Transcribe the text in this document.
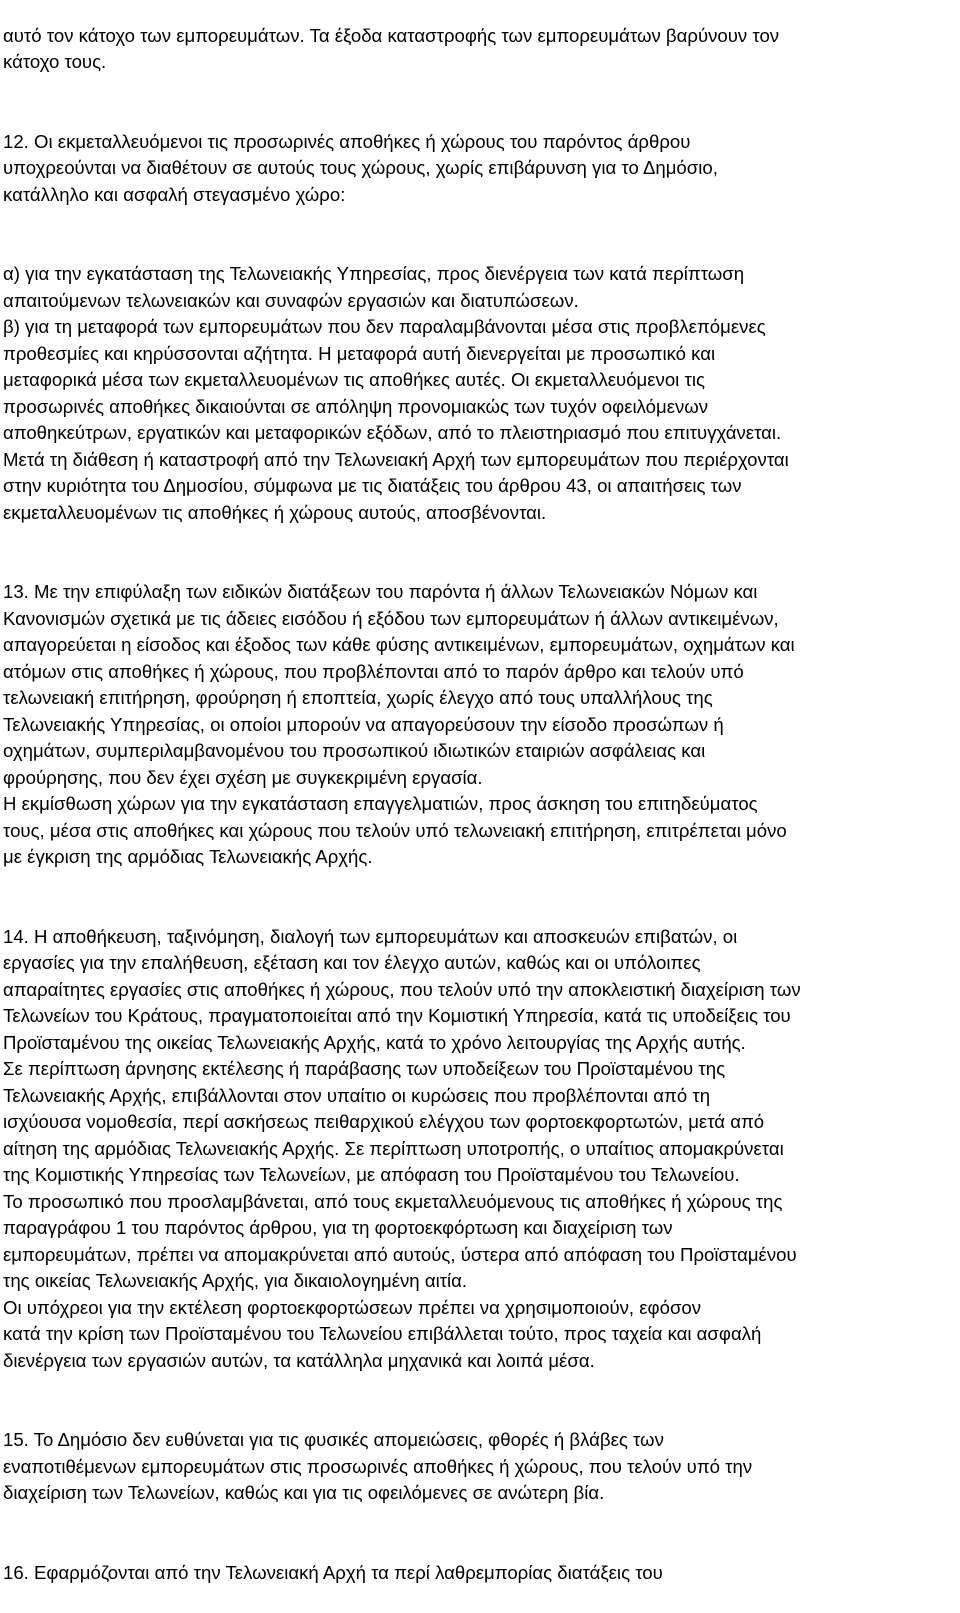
αυτό τον κάτοχο των εμπορευμάτων. Τα έξοδα καταστροφής των εμπορευμάτων βαρύνουν τον
κάτοχο τους.

12. Οι εκμεταλλευόμενοι τις προσωρινές αποθήκες ή χώρους του παρόντος άρθρου
υποχρεούνται να διαθέτουν σε αυτούς τους χώρους, χωρίς επιβάρυνση για το Δημόσιο,
κατάλληλο και ασφαλή στεγασμένο χώρο:

α) για την εγκατάσταση της Τελωνειακής Υπηρεσίας, προς διενέργεια των κατά περίπτωση
απαιτούμενων τελωνειακών και συναφών εργασιών και διατυπώσεων.
β) για τη μεταφορά των εμπορευμάτων που δεν παραλαμβάνονται μέσα στις προβλεπόμενες
προθεσμίες και κηρύσσονται αζήτητα. Η μεταφορά αυτή διενεργείται με προσωπικό και
μεταφορικά μέσα των εκμεταλλευομένων τις αποθήκες αυτές. Οι εκμεταλλευόμενοι τις
προσωρινές αποθήκες δικαιούνται σε απόληψη προνομιακώς των τυχόν οφειλόμενων
αποθηκεύτρων, εργατικών και μεταφορικών εξόδων, από το πλειστηριασμό που επιτυγχάνεται.
Μετά τη διάθεση ή καταστροφή από την Τελωνειακή Αρχή των εμπορευμάτων που περιέρχονται
στην κυριότητα του Δημοσίου, σύμφωνα με τις διατάξεις του άρθρου 43, οι απαιτήσεις των
εκμεταλλευομένων τις αποθήκες ή χώρους αυτούς, αποσβένονται.

13. Με την επιφύλαξη των ειδικών διατάξεων του παρόντα ή άλλων Τελωνειακών Νόμων και
Κανονισμών σχετικά με τις άδειες εισόδου ή εξόδου των εμπορευμάτων ή άλλων αντικειμένων,
απαγορεύεται η είσοδος και έξοδος των κάθε φύσης αντικειμένων, εμπορευμάτων, οχημάτων και
ατόμων στις αποθήκες ή χώρους, που προβλέπονται από το παρόν άρθρο και τελούν υπό
τελωνειακή επιτήρηση, φρούρηση ή εποπτεία, χωρίς έλεγχο από τους υπαλλήλους της
Τελωνειακής Υπηρεσίας, οι οποίοι μπορούν να απαγορεύσουν την είσοδο προσώπων ή
οχημάτων, συμπεριλαμβανομένου του προσωπικού ιδιωτικών εταιριών ασφάλειας και
φρούρησης, που δεν έχει σχέση με συγκεκριμένη εργασία.
Η εκμίσθωση χώρων για την εγκατάσταση επαγγελματιών, προς άσκηση του επιτηδεύματος
τους, μέσα στις αποθήκες και χώρους που τελούν υπό τελωνειακή επιτήρηση, επιτρέπεται μόνο
με έγκριση της αρμόδιας Τελωνειακής Αρχής.

14. Η αποθήκευση, ταξινόμηση, διαλογή των εμπορευμάτων και αποσκευών επιβατών, οι
εργασίες για την επαλήθευση, εξέταση και τον έλεγχο αυτών, καθώς και οι υπόλοιπες
απαραίτητες εργασίες στις αποθήκες ή χώρους, που τελούν υπό την αποκλειστική διαχείριση των
Τελωνείων του Κράτους, πραγματοποιείται από την Κομιστική Υπηρεσία, κατά τις υποδείξεις του
Προϊσταμένου της οικείας Τελωνειακής Αρχής, κατά το χρόνο λειτουργίας της Αρχής αυτής.
Σε περίπτωση άρνησης εκτέλεσης ή παράβασης των υποδείξεων του Προϊσταμένου της
Τελωνειακής Αρχής, επιβάλλονται στον υπαίτιο οι κυρώσεις που προβλέπονται από τη
ισχύουσα νομοθεσία, περί ασκήσεως πειθαρχικού ελέγχου των φορτοεκφορτωτών, μετά από
αίτηση της αρμόδιας Τελωνειακής Αρχής. Σε περίπτωση υποτροπής, ο υπαίτιος απομακρύνεται
της Κομιστικής Υπηρεσίας των Τελωνείων, με απόφαση του Προϊσταμένου του Τελωνείου.
Το προσωπικό που προσλαμβάνεται, από τους εκμεταλλευόμενους τις αποθήκες ή χώρους της
παραγράφου 1 του παρόντος άρθρου, για τη φορτοεκφόρτωση και διαχείριση των
εμπορευμάτων, πρέπει να απομακρύνεται από αυτούς, ύστερα από απόφαση του Προϊσταμένου
της οικείας Τελωνειακής Αρχής, για δικαιολογημένη αιτία.
Οι υπόχρεοι για την εκτέλεση φορτοεκφορτώσεων πρέπει να χρησιμοποιούν, εφόσον
κατά την κρίση των Προϊσταμένου του Τελωνείου επιβάλλεται τούτο, προς ταχεία και ασφαλή
διενέργεια των εργασιών αυτών, τα κατάλληλα μηχανικά και λοιπά μέσα.

15. Το Δημόσιο δεν ευθύνεται για τις φυσικές απομειώσεις, φθορές ή βλάβες των
εναποτιθέμενων εμπορευμάτων στις προσωρινές αποθήκες ή χώρους, που τελούν υπό την
διαχείριση των Τελωνείων, καθώς και για τις οφειλόμενες σε ανώτερη βία.

16. Εφαρμόζονται από την Τελωνειακή Αρχή τα περί λαθρεμπορίας διατάξεις του
